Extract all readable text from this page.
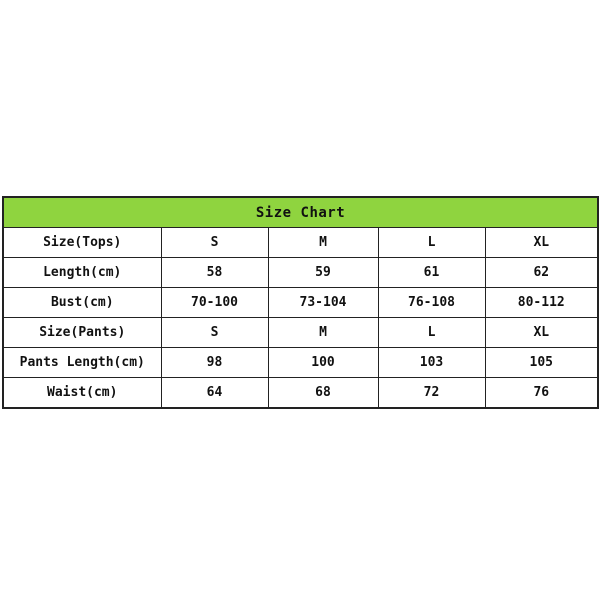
Size Chart				
Size(Tops)	S	M	L	XL
Length(cm)	58	59	61	62
Bust(cm)	70-100	73-104	76-108	80-112
Size(Pants)	S	M	L	XL
Pants Length(cm)	98	100	103	105
Waist(cm)	64	68	72	76
